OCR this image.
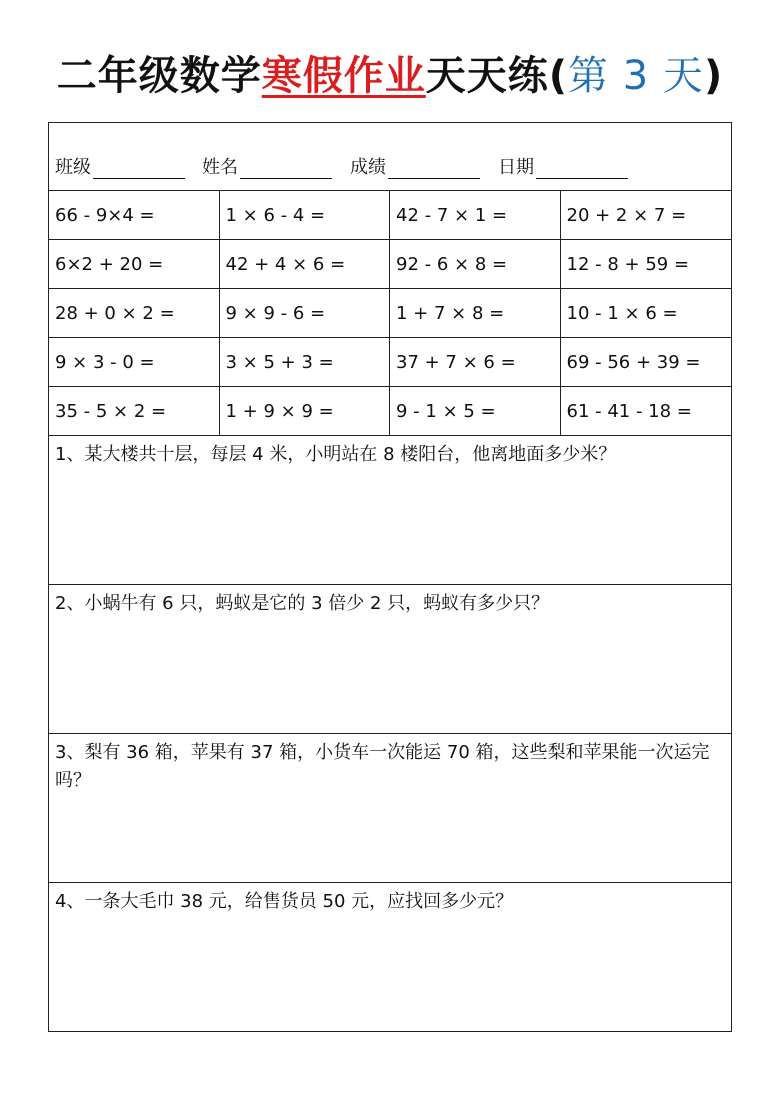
二年级数学寒假作业天天练(第 3 天)
班级	姓名	成绩	日期
66 - 9×4 =	1 × 6 - 4 =	42 - 7 × 1 =	20 + 2 × 7 =
6×2 + 20 =	42 + 4 × 6 =	92 - 6 × 8 =	12 - 8 + 59 =
28 + 0 × 2 =	9 × 9 - 6 =	1 + 7 × 8 =	10 - 1 × 6 =
9 × 3 - 0 =	3 × 5 + 3 =	37 + 7 × 6 =	69 - 56 + 39 =
35 - 5 × 2 =	1 + 9 × 9 =	9 - 1 × 5 =	61 - 41 - 18 =
1、某大楼共十层，每层 4 米，小明站在 8 楼阳台，他离地面多少米？
2、小蜗牛有 6 只，蚂蚁是它的 3 倍少 2 只，蚂蚁有多少只？
3、梨有 36 箱，苹果有 37 箱，小货车一次能运 70 箱，这些梨和苹果能一次运完吗？
4、一条大毛巾 38 元，给售货员 50 元，应找回多少元？
